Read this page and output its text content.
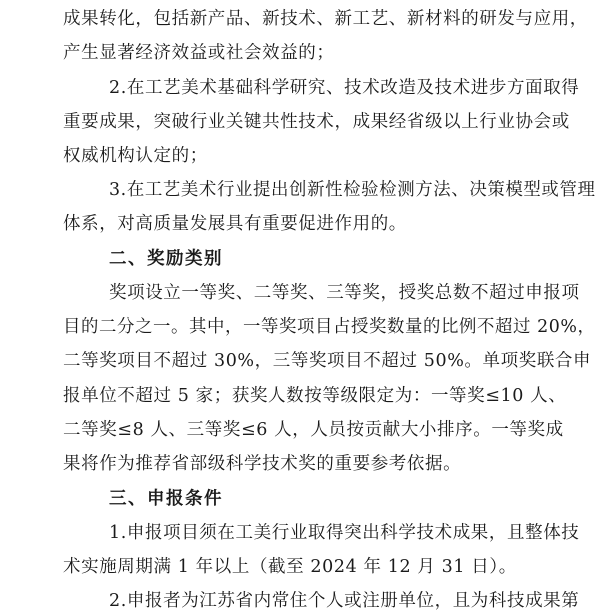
成果转化，包括新产品、新技术、新工艺、新材料的研发与应用，
产生显著经济效益或社会效益的；
2.在工艺美术基础科学研究、技术改造及技术进步方面取得
重要成果，突破行业关键共性技术，成果经省级以上行业协会或
权威机构认定的；
3.在工艺美术行业提出创新性检验检测方法、决策模型或管理
体系，对高质量发展具有重要促进作用的。
二、奖励类别
奖项设立一等奖、二等奖、三等奖，授奖总数不超过申报项
目的二分之一。其中，一等奖项目占授奖数量的比例不超过 20%，
二等奖项目不超过 30%，三等奖项目不超过 50%。单项奖联合申
报单位不超过 5 家；获奖人数按等级限定为：一等奖≤10 人、
二等奖≤8 人、三等奖≤6 人，人员按贡献大小排序。一等奖成
果将作为推荐省部级科学技术奖的重要参考依据。
三、申报条件
1.申报项目须在工美行业取得突出科学技术成果，且整体技
术实施周期满 1 年以上（截至 2024 年 12 月 31 日）。
2.申报者为江苏省内常住个人或注册单位，且为科技成果第
